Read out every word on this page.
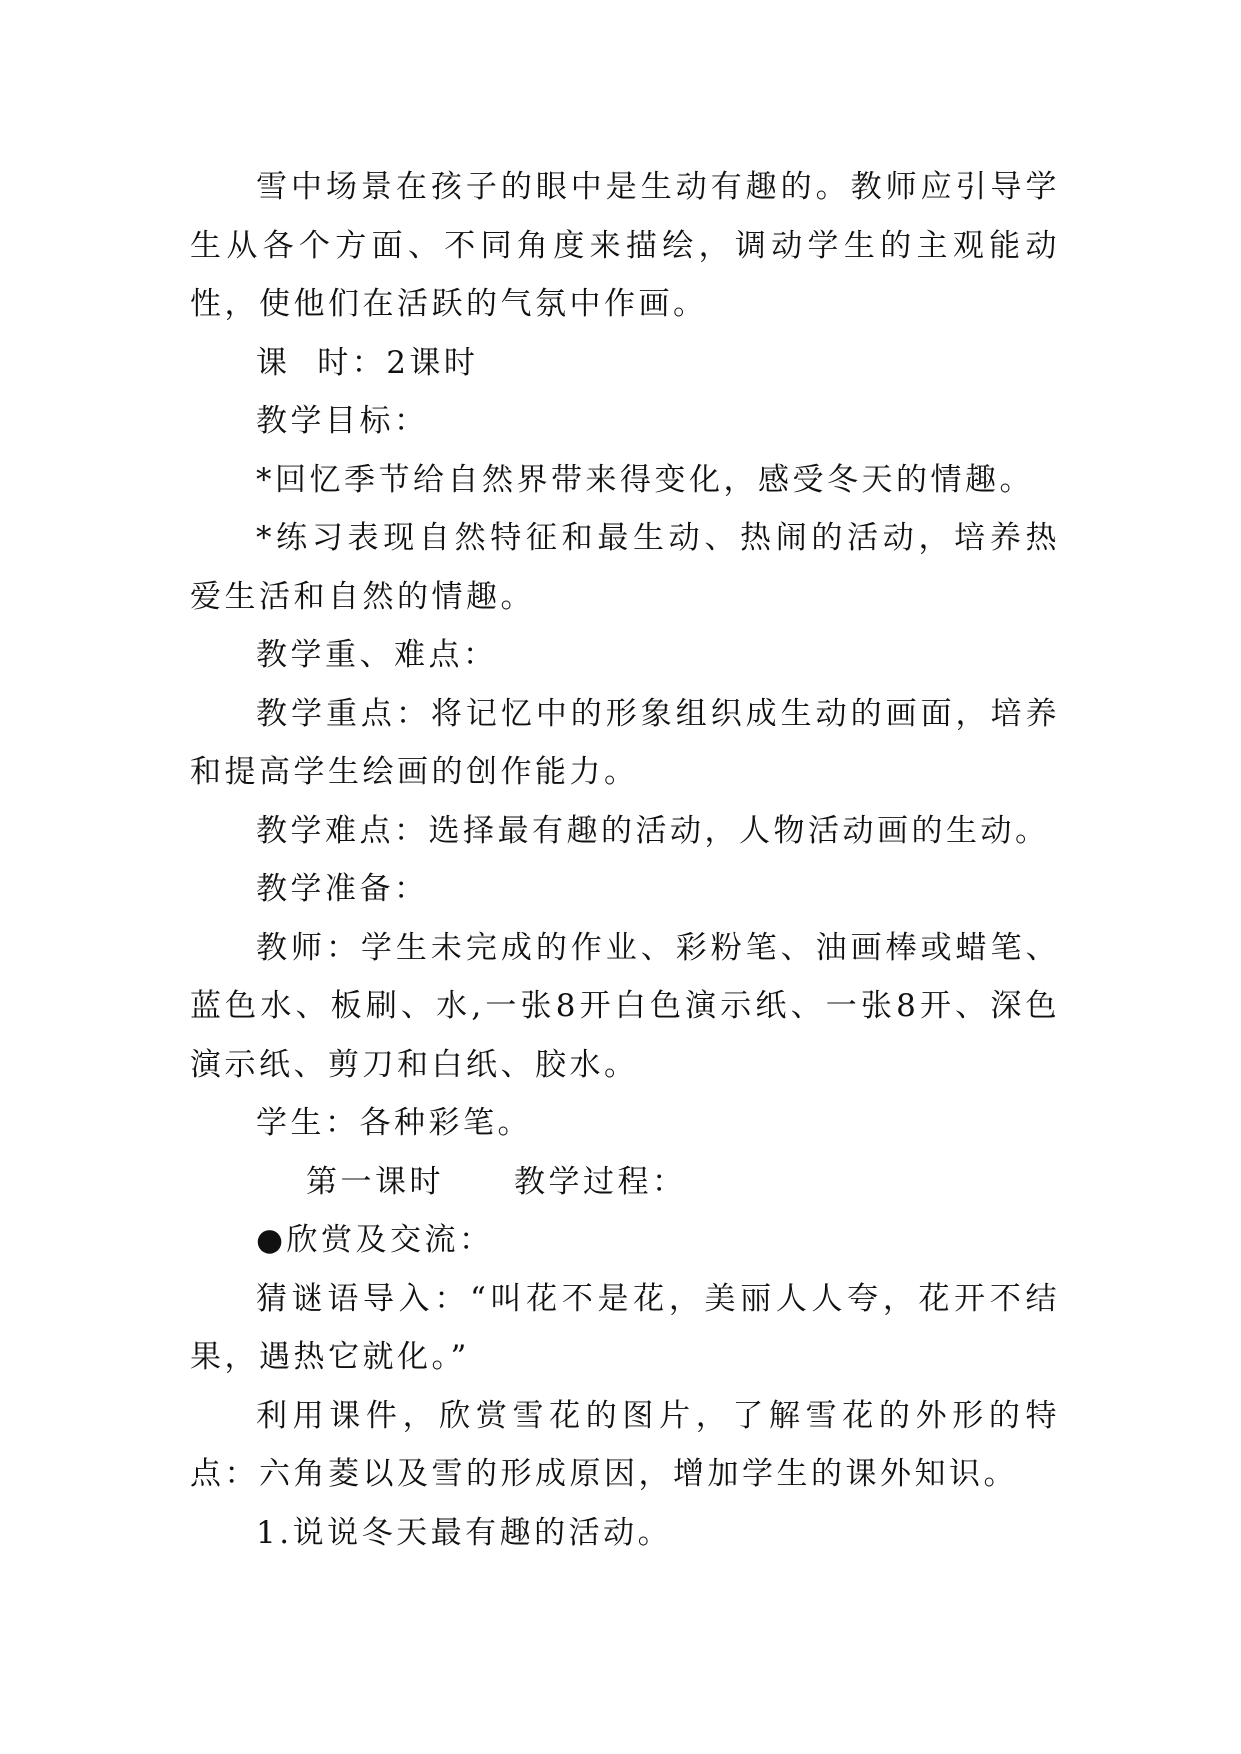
雪中场景在孩子的眼中是生动有趣的。教师应引导学生从各个方面、不同角度来描绘，调动学生的主观能动性，使他们在活跃的气氛中作画。

课  时：2课时

教学目标：

*回忆季节给自然界带来得变化，感受冬天的情趣。

*练习表现自然特征和最生动、热闹的活动，培养热爱生活和自然的情趣。

教学重、难点：

教学重点：将记忆中的形象组织成生动的画面，培养和提高学生绘画的创作能力。

教学难点：选择最有趣的活动，人物活动画的生动。

教学准备：

教师：学生未完成的作业、彩粉笔、油画棒或蜡笔、蓝色水、板刷、水,一张8开白色演示纸、一张8开、深色演示纸、剪刀和白纸、胶水。

学生：各种彩笔。

第一课时 教学过程：

●欣赏及交流：

猜谜语导入：“叫花不是花，美丽人人夸，花开不结果，遇热它就化。”

利用课件，欣赏雪花的图片，了解雪花的外形的特点：六角菱以及雪的形成原因，增加学生的课外知识。

1.说说冬天最有趣的活动。
